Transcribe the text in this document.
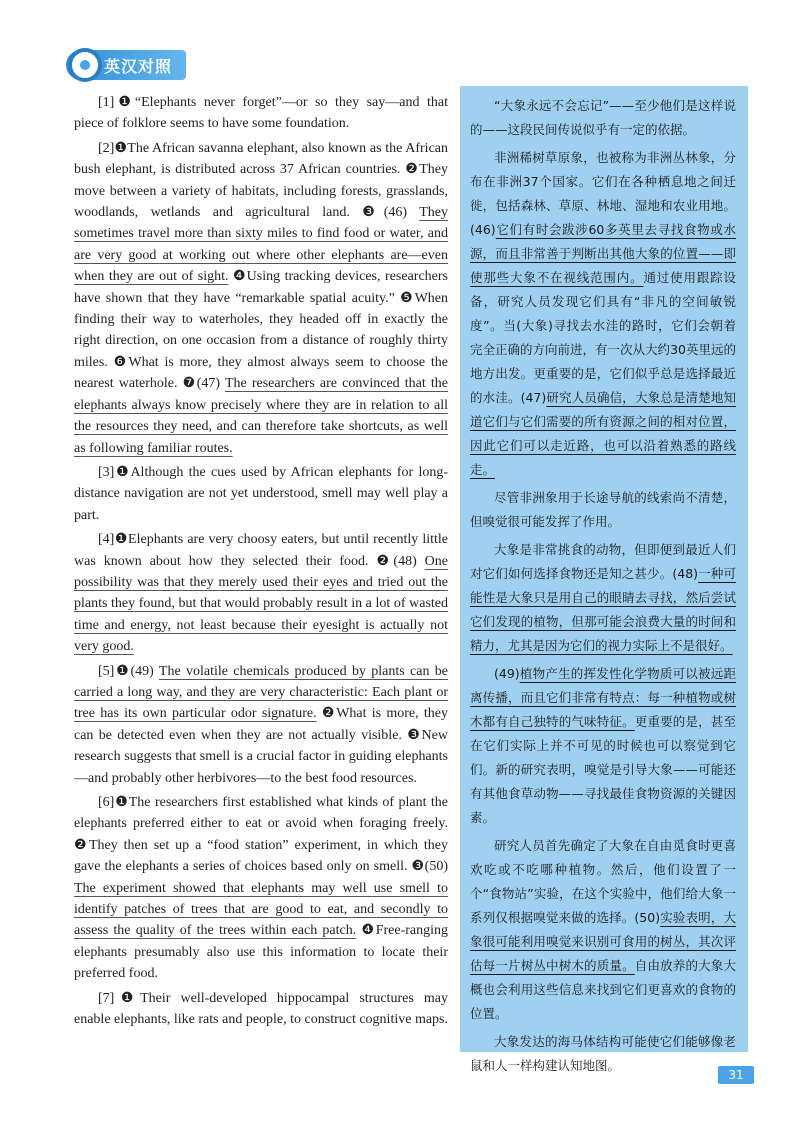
英汉对照

[1]❶“Elephants never forget”—or so they say—and that piece of folklore seems to have some foundation.

[2]❶The African savanna elephant, also known as the African bush elephant, is distributed across 37 African countries. ❷They move between a variety of habitats, including forests, grasslands, woodlands, wetlands and agricultural land. ❸(46) They sometimes travel more than sixty miles to find food or water, and are very good at working out where other elephants are—even when they are out of sight. ❹Using tracking devices, researchers have shown that they have “remarkable spatial acuity.” ❺When finding their way to waterholes, they headed off in exactly the right direction, on one occasion from a distance of roughly thirty miles. ❻What is more, they almost always seem to choose the nearest waterhole. ❼(47) The researchers are convinced that the elephants always know precisely where they are in relation to all the resources they need, and can therefore take shortcuts, as well as following familiar routes.

[3]❶Although the cues used by African elephants for long-distance navigation are not yet understood, smell may well play a part.

[4]❶Elephants are very choosy eaters, but until recently little was known about how they selected their food. ❷(48) One possibility was that they merely used their eyes and tried out the plants they found, but that would probably result in a lot of wasted time and energy, not least because their eyesight is actually not very good.

[5]❶(49) The volatile chemicals produced by plants can be carried a long way, and they are very characteristic: Each plant or tree has its own particular odor signature. ❷What is more, they can be detected even when they are not actually visible. ❸New research suggests that smell is a crucial factor in guiding elephants—and probably other herbivores—to the best food resources.

[6]❶The researchers first established what kinds of plant the elephants preferred either to eat or avoid when foraging freely. ❷They then set up a “food station” experiment, in which they gave the elephants a series of choices based only on smell. ❸(50) The experiment showed that elephants may well use smell to identify patches of trees that are good to eat, and secondly to assess the quality of the trees within each patch. ❹Free-ranging elephants presumably also use this information to locate their preferred food.

[7]❶Their well-developed hippocampal structures may enable elephants, like rats and people, to construct cognitive maps.

“大象永远不会忘记”——至少他们是这样说的——这段民间传说似乎有一定的依据。

非洲稀树草原象，也被称为非洲丛林象，分布在非洲37个国家。它们在各种栖息地之间迁徙，包括森林、草原、林地、湿地和农业用地。(46)它们有时会跋涉60多英里去寻找食物或水源，而且非常善于判断出其他大象的位置——即使那些大象不在视线范围内。通过使用跟踪设备，研究人员发现它们具有“非凡的空间敏锐度”。当(大象)寻找去水洼的路时，它们会朝着完全正确的方向前进，有一次从大约30英里远的地方出发。更重要的是，它们似乎总是选择最近的水洼。(47)研究人员确信，大象总是清楚地知道它们与它们需要的所有资源之间的相对位置，因此它们可以走近路，也可以沿着熟悉的路线走。

尽管非洲象用于长途导航的线索尚不清楚，但嗅觉很可能发挥了作用。

大象是非常挑食的动物，但即便到最近人们对它们如何选择食物还是知之甚少。(48)一种可能性是大象只是用自己的眼睛去寻找，然后尝试它们发现的植物，但那可能会浪费大量的时间和精力，尤其是因为它们的视力实际上不是很好。

(49)植物产生的挥发性化学物质可以被远距离传播，而且它们非常有特点：每一种植物或树木都有自己独特的气味特征。更重要的是，甚至在它们实际上并不可见的时候也可以察觉到它们。新的研究表明，嗅觉是引导大象——可能还有其他食草动物——寻找最佳食物资源的关键因素。

研究人员首先确定了大象在自由觅食时更喜欢吃或不吃哪种植物。然后，他们设置了一个“食物站”实验，在这个实验中，他们给大象一系列仅根据嗅觉来做的选择。(50)实验表明，大象很可能利用嗅觉来识别可食用的树丛，其次评估每一片树丛中树木的质量。自由放养的大象大概也会利用这些信息来找到它们更喜欢的食物的位置。

大象发达的海马体结构可能使它们能够像老鼠和人一样构建认知地图。

31
